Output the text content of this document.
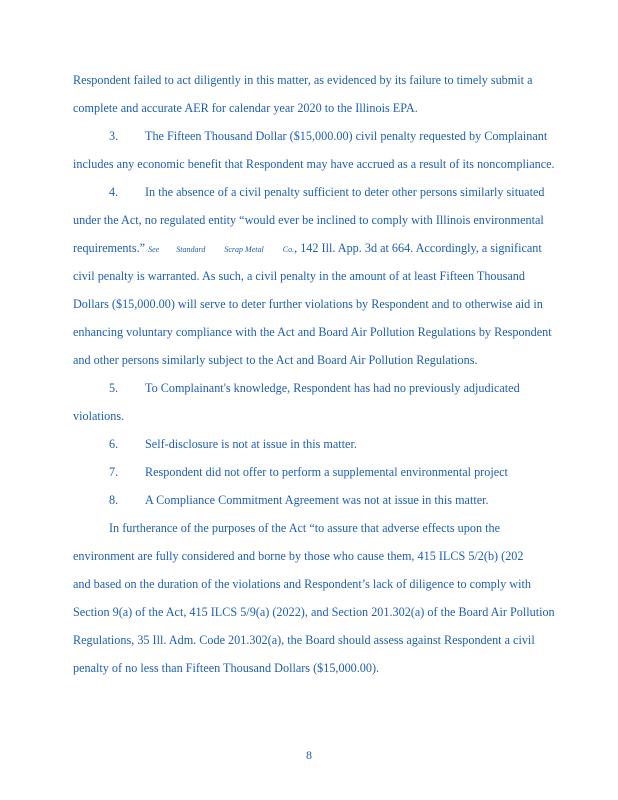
Respondent failed to act diligently in this matter, as evidenced by its failure to timely submit a
complete and accurate AER for calendar year 2020 to the Illinois EPA.
3. The Fifteen Thousand Dollar ($15,000.00) civil penalty requested by Complainant
includes any economic benefit that Respondent may have accrued as a result of its noncompliance.
4. In the absence of a civil penalty sufficient to deter other persons similarly situated
under the Act, no regulated entity “would ever be inclined to comply with Illinois environmental
requirements.” See Standard Scrap Metal Co., 142 Ill. App. 3d at 664. Accordingly, a significant
civil penalty is warranted. As such, a civil penalty in the amount of at least Fifteen Thousand
Dollars ($15,000.00) will serve to deter further violations by Respondent and to otherwise aid in
enhancing voluntary compliance with the Act and Board Air Pollution Regulations by Respondent
and other persons similarly subject to the Act and Board Air Pollution Regulations.
5. To Complainant's knowledge, Respondent has had no previously adjudicated
violations.
6. Self-disclosure is not at issue in this matter.
7. Respondent did not offer to perform a supplemental environmental project
8. A Compliance Commitment Agreement was not at issue in this matter.
In furtherance of the purposes of the Act “to assure that adverse effects upon the
environment are fully considered and borne by those who cause them, 415 ILCS 5/2(b) (202
and based on the duration of the violations and Respondent’s lack of diligence to comply with
Section 9(a) of the Act, 415 ILCS 5/9(a) (2022), and Section 201.302(a) of the Board Air Pollution
Regulations, 35 Ill. Adm. Code 201.302(a), the Board should assess against Respondent a civil
penalty of no less than Fifteen Thousand Dollars ($15,000.00).
8
